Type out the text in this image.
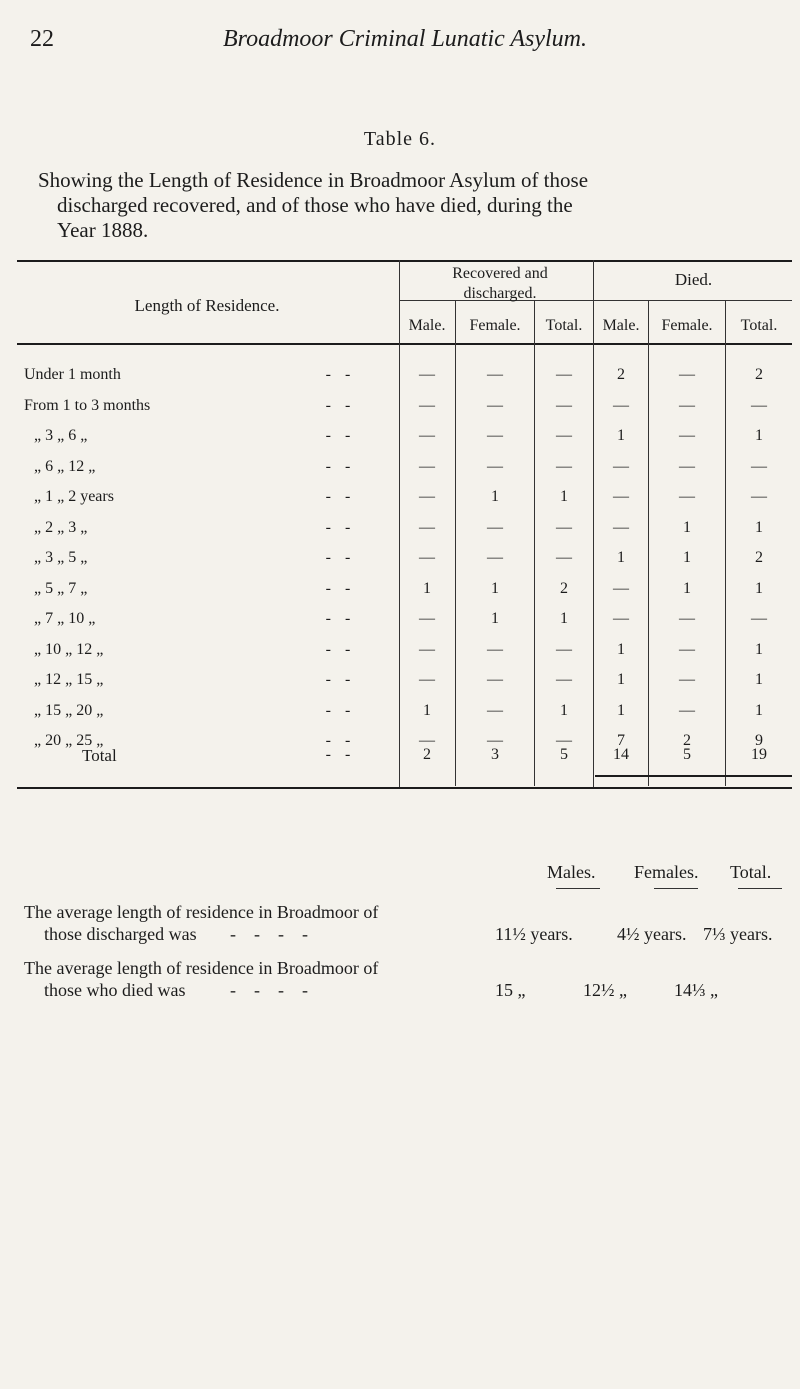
22	Broadmoor Criminal Lunatic Asylum.
Table 6.
Showing the Length of Residence in Broadmoor Asylum of those
discharged recovered, and of those who have died, during the
Year 1888.
Length of Residence.
Recovered and discharged.
Died.
Male.	Female.	Total.	Male.	Female.	Total.
Under 1 month	--	—	—	—	2	—	2
From 1 to 3 months	--	—	—	—	—	—	—
„ 3 „ 6 „	--	—	—	—	1	—	1
„ 6 „ 12 „	--	—	—	—	—	—	—
„ 1 „ 2 years	--	—	1	1	—	—	—
„ 2 „ 3 „	--	—	—	—	—	1	1
„ 3 „ 5 „	--	—	—	—	1	1	2
„ 5 „ 7 „	--	1	1	2	—	1	1
„ 7 „ 10 „	--	—	1	1	—	—	—
„ 10 „ 12 „	--	—	—	—	1	—	1
„ 12 „ 15 „	--	—	—	—	1	—	1
„ 15 „ 20 „	--	1	—	1	1	—	1
„ 20 „ 25 „	--	—	—	—	7	2	9
Total	--	2	3	5	14	5	19
Males. Females. Total.
The average length of residence in Broadmoor of
those discharged was -    -    -    -	11½ years. 4½ years. 7⅓ years.
The average length of residence in Broadmoor of
those who died was -    -    -    -	15 „	12½ „	14⅓ „
